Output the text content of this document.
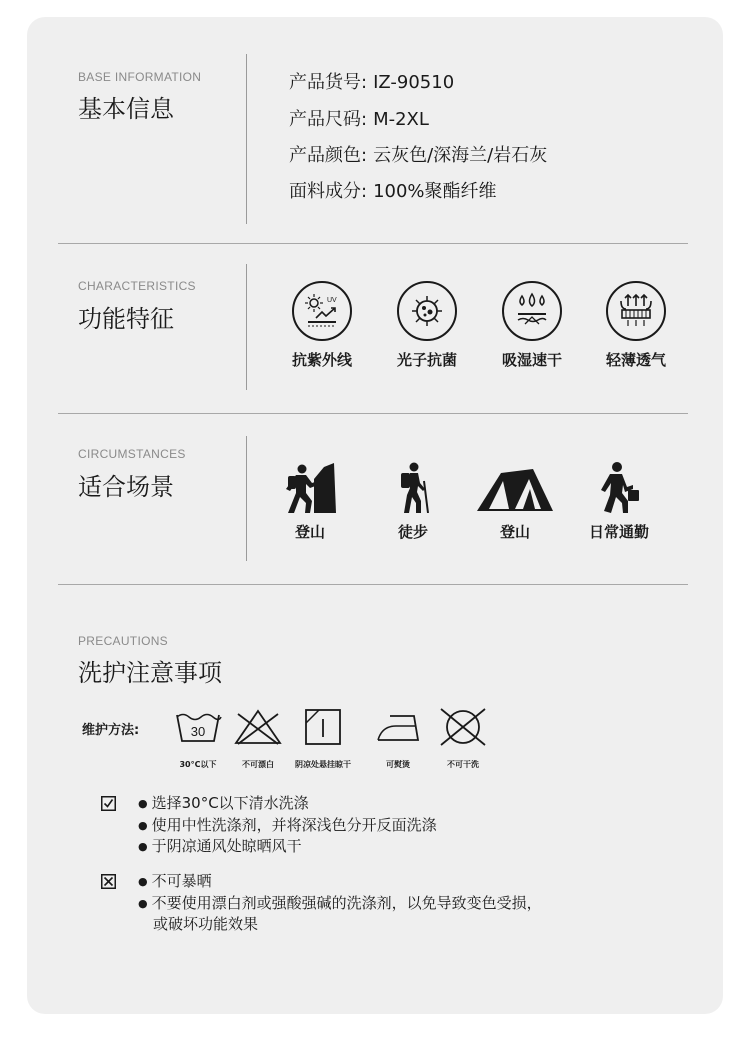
BASE INFORMATION
基本信息
产品货号: IZ-90510
产品尺码: M-2XL
产品颜色: 云灰色/深海兰/岩石灰
面料成分: 100%聚酯纤维
CHARACTERISTICS
功能特征
UV
抗紫外线	光子抗菌	吸湿速干	轻薄透气
CIRCUMSTANCES
适合场景
登山	徒步	登山	日常通勤
PRECAUTIONS
洗护注意事项
维护方法:	30
30°C以下	不可漂白	阴凉处悬挂晾干	可熨烫	不可干洗
● 选择30°C以下清水洗涤
● 使用中性洗涤剂，并将深浅色分开反面洗涤
● 于阴凉通风处晾晒风干
● 不可暴晒
● 不要使用漂白剂或强酸强碱的洗涤剂，以免导致变色受损，
或破坏功能效果
